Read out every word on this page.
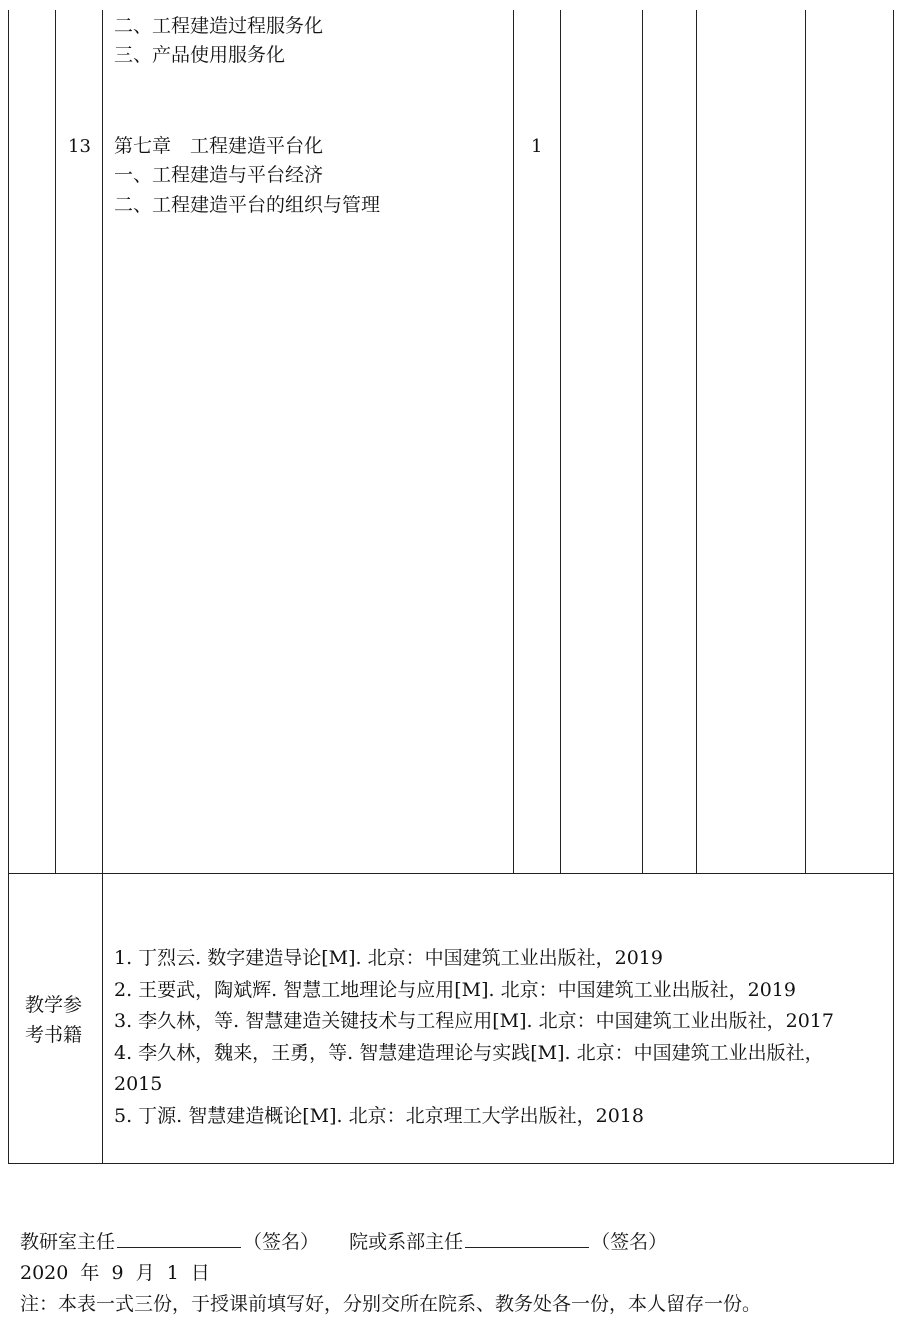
二、工程建造过程服务化
三、产品使用服务化
13 第七章　工程建造平台化
一、工程建造与平台经济
二、工程建造平台的组织与管理
1
教学参
考书籍
1. 丁烈云. 数字建造导论[M]. 北京：中国建筑工业出版社，2019
2. 王要武，陶斌辉. 智慧工地理论与应用[M]. 北京：中国建筑工业出版社，2019
3. 李久林，等. 智慧建造关键技术与工程应用[M]. 北京：中国建筑工业出版社，2017
4. 李久林，魏来，王勇，等. 智慧建造理论与实践[M]. 北京：中国建筑工业出版社，
2015
5. 丁源. 智慧建造概论[M]. 北京：北京理工大学出版社，2018
教研室主任	（签名） 院或系部主任	（签名）
2020  年  9  月  1  日
注：本表一式三份，于授课前填写好，分别交所在院系、教务处各一份，本人留存一份。
